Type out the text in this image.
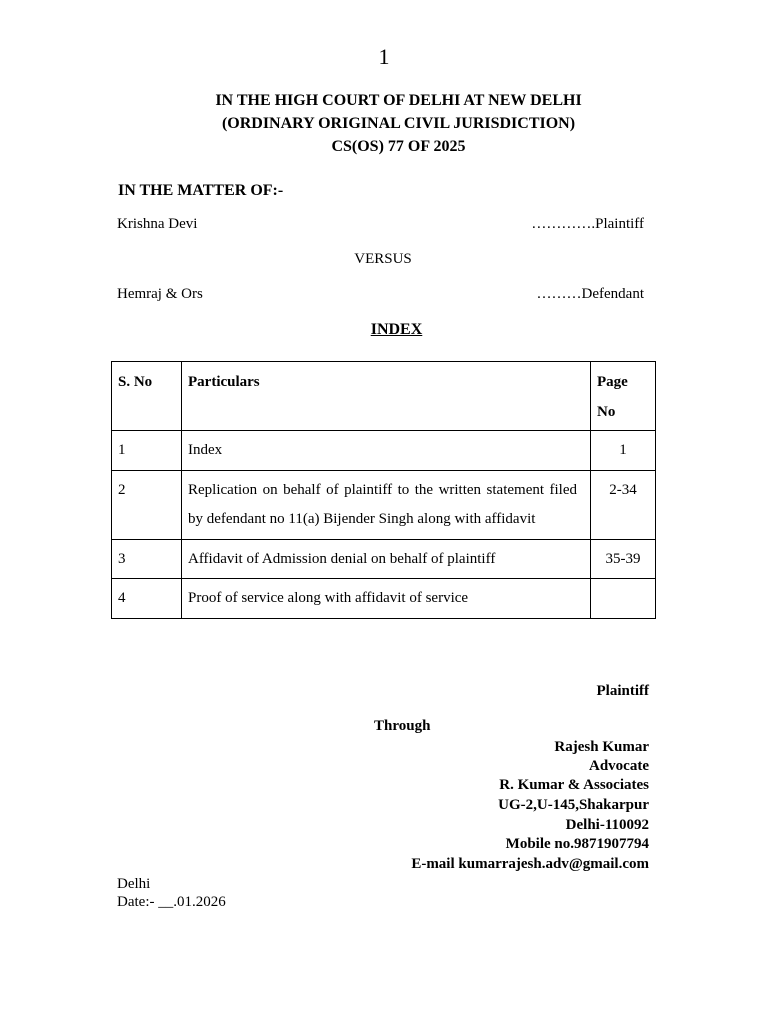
1
IN THE HIGH COURT OF DELHI AT NEW DELHI
(ORDINARY ORIGINAL CIVIL JURISDICTION)
CS(OS) 77 OF 2025
IN THE MATTER OF:-
Krishna Devi	………….Plaintiff
VERSUS
Hemraj & Ors	………Defendant
INDEX
S. No	Particulars	Page No
1	Index	1
2	Replication on behalf of plaintiff to the written statement filed by defendant no 11(a) Bijender Singh along with affidavit	2-34
3	Affidavit of Admission denial on behalf of plaintiff	35-39
4	Proof of service along with affidavit of service	
Plaintiff
Through
Rajesh Kumar
Advocate
R. Kumar & Associates
UG-2,U-145,Shakarpur
Delhi-110092
Mobile no.9871907794
E-mail kumarrajesh.adv@gmail.com
Delhi
Date:- __.01.2026
